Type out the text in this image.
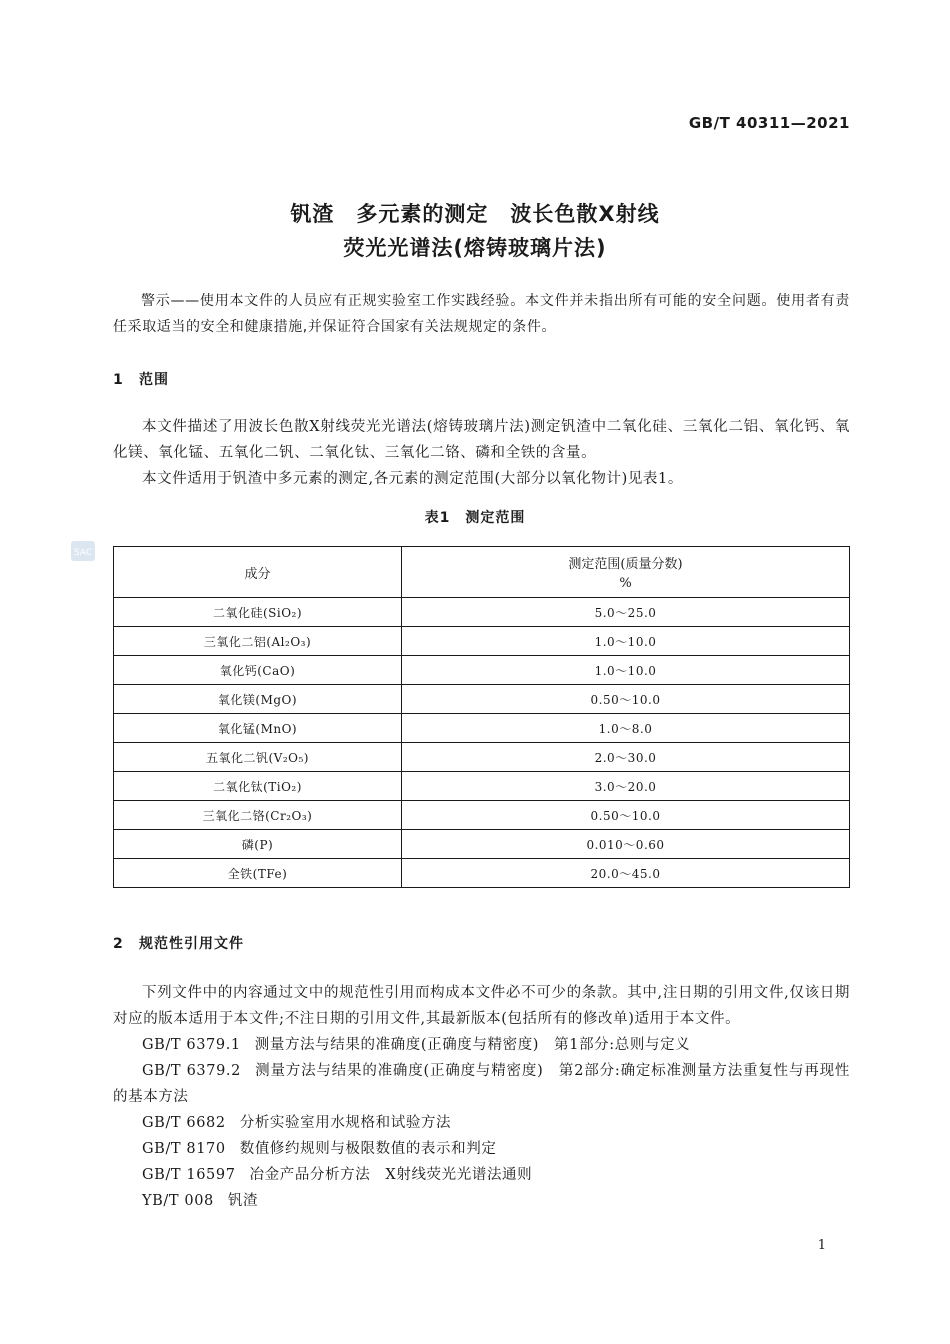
GB/T 40311—2021
SAC
钒渣　多元素的测定　波长色散X射线
荧光光谱法(熔铸玻璃片法)
警示——使用本文件的人员应有正规实验室工作实践经验。本文件并未指出所有可能的安全问题。使用者有责任采取适当的安全和健康措施,并保证符合国家有关法规规定的条件。
1 范围
本文件描述了用波长色散X射线荧光光谱法(熔铸玻璃片法)测定钒渣中二氧化硅、三氧化二铝、氧化钙、氧化镁、氧化锰、五氧化二钒、二氧化钛、三氧化二铬、磷和全铁的含量。
本文件适用于钒渣中多元素的测定,各元素的测定范围(大部分以氧化物计)见表1。
表1　测定范围
成分	测定范围(质量分数)
%

二氧化硅(SiO₂)	5.0～25.0
三氧化二铝(Al₂O₃)	1.0～10.0
氧化钙(CaO)	1.0～10.0
氧化镁(MgO)	0.50～10.0
氧化锰(MnO)	1.0～8.0
五氧化二钒(V₂O₅)	2.0～30.0
二氧化钛(TiO₂)	3.0～20.0
三氧化二铬(Cr₂O₃)	0.50～10.0
磷(P)	0.010～0.60
全铁(TFe)	20.0～45.0
2 规范性引用文件
下列文件中的内容通过文中的规范性引用而构成本文件必不可少的条款。其中,注日期的引用文件,仅该日期对应的版本适用于本文件;不注日期的引用文件,其最新版本(包括所有的修改单)适用于本文件。
GB/T 6379.1 测量方法与结果的准确度(正确度与精密度)　第1部分:总则与定义
GB/T 6379.2 测量方法与结果的准确度(正确度与精密度)　第2部分:确定标准测量方法重复性与再现性的基本方法
GB/T 6682 分析实验室用水规格和试验方法
GB/T 8170 数值修约规则与极限数值的表示和判定
GB/T 16597 冶金产品分析方法　X射线荧光光谱法通则
YB/T 008 钒渣
1
